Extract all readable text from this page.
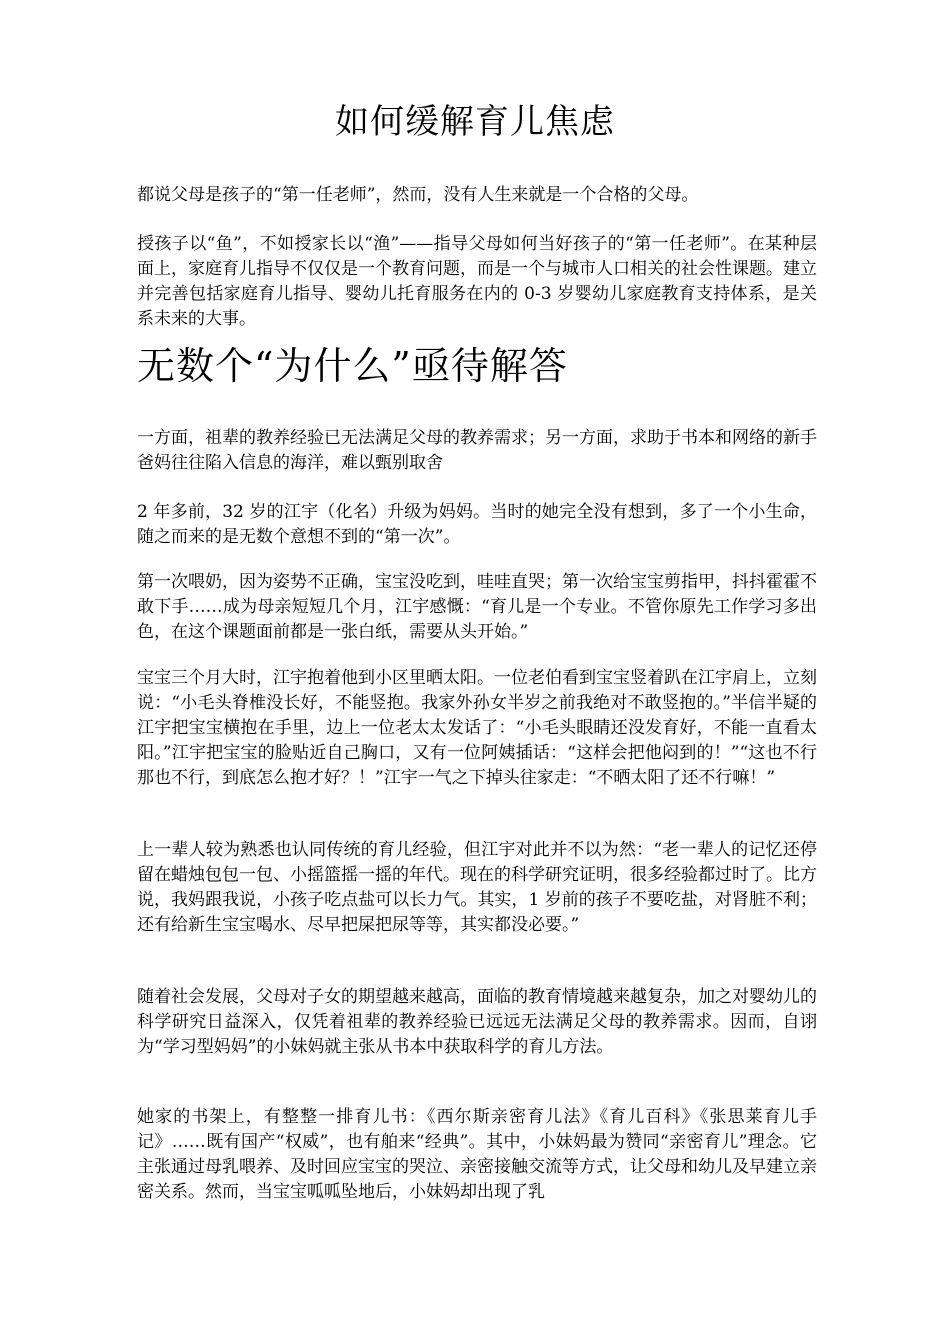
如何缓解育儿焦虑

都说父母是孩子的“第一任老师”，然而，没有人生来就是一个合格的父母。

授孩子以“鱼”，不如授家长以“渔”——指导父母如何当好孩子的“第一任老师”。在某种层面上，家庭育儿指导不仅仅是一个教育问题，而是一个与城市人口相关的社会性课题。建立并完善包括家庭育儿指导、婴幼儿托育服务在内的 0-3 岁婴幼儿家庭教育支持体系，是关系未来的大事。

无数个“为什么”亟待解答

一方面，祖辈的教养经验已无法满足父母的教养需求；另一方面，求助于书本和网络的新手爸妈往往陷入信息的海洋，难以甄别取舍

2 年多前，32 岁的江宇（化名）升级为妈妈。当时的她完全没有想到，多了一个小生命，随之而来的是无数个意想不到的“第一次”。

第一次喂奶，因为姿势不正确，宝宝没吃到，哇哇直哭；第一次给宝宝剪指甲，抖抖霍霍不敢下手……成为母亲短短几个月，江宇感慨：“育儿是一个专业。不管你原先工作学习多出色，在这个课题面前都是一张白纸，需要从头开始。”

宝宝三个月大时，江宇抱着他到小区里晒太阳。一位老伯看到宝宝竖着趴在江宇肩上，立刻说：“小毛头脊椎没长好，不能竖抱。我家外孙女半岁之前我绝对不敢竖抱的。”半信半疑的江宇把宝宝横抱在手里，边上一位老太太发话了：“小毛头眼睛还没发育好，不能一直看太阳。”江宇把宝宝的脸贴近自己胸口，又有一位阿姨插话：“这样会把他闷到的！”“这也不行那也不行，到底怎么抱才好？！”江宇一气之下掉头往家走：“不晒太阳了还不行嘛！”

上一辈人较为熟悉也认同传统的育儿经验，但江宇对此并不以为然：“老一辈人的记忆还停留在蜡烛包包一包、小摇篮摇一摇的年代。现在的科学研究证明，很多经验都过时了。比方说，我妈跟我说，小孩子吃点盐可以长力气。其实，1 岁前的孩子不要吃盐，对肾脏不利；还有给新生宝宝喝水、尽早把屎把尿等等，其实都没必要。”

随着社会发展，父母对子女的期望越来越高，面临的教育情境越来越复杂，加之对婴幼儿的科学研究日益深入，仅凭着祖辈的教养经验已远远无法满足父母的教养需求。因而，自诩为“学习型妈妈”的小妹妈就主张从书本中获取科学的育儿方法。

她家的书架上，有整整一排育儿书：《西尔斯亲密育儿法》《育儿百科》《张思莱育儿手记》……既有国产“权威”，也有舶来“经典”。其中，小妹妈最为赞同“亲密育儿”理念。它主张通过母乳喂养、及时回应宝宝的哭泣、亲密接触交流等方式，让父母和幼儿及早建立亲密关系。然而，当宝宝呱呱坠地后，小妹妈却出现了乳
